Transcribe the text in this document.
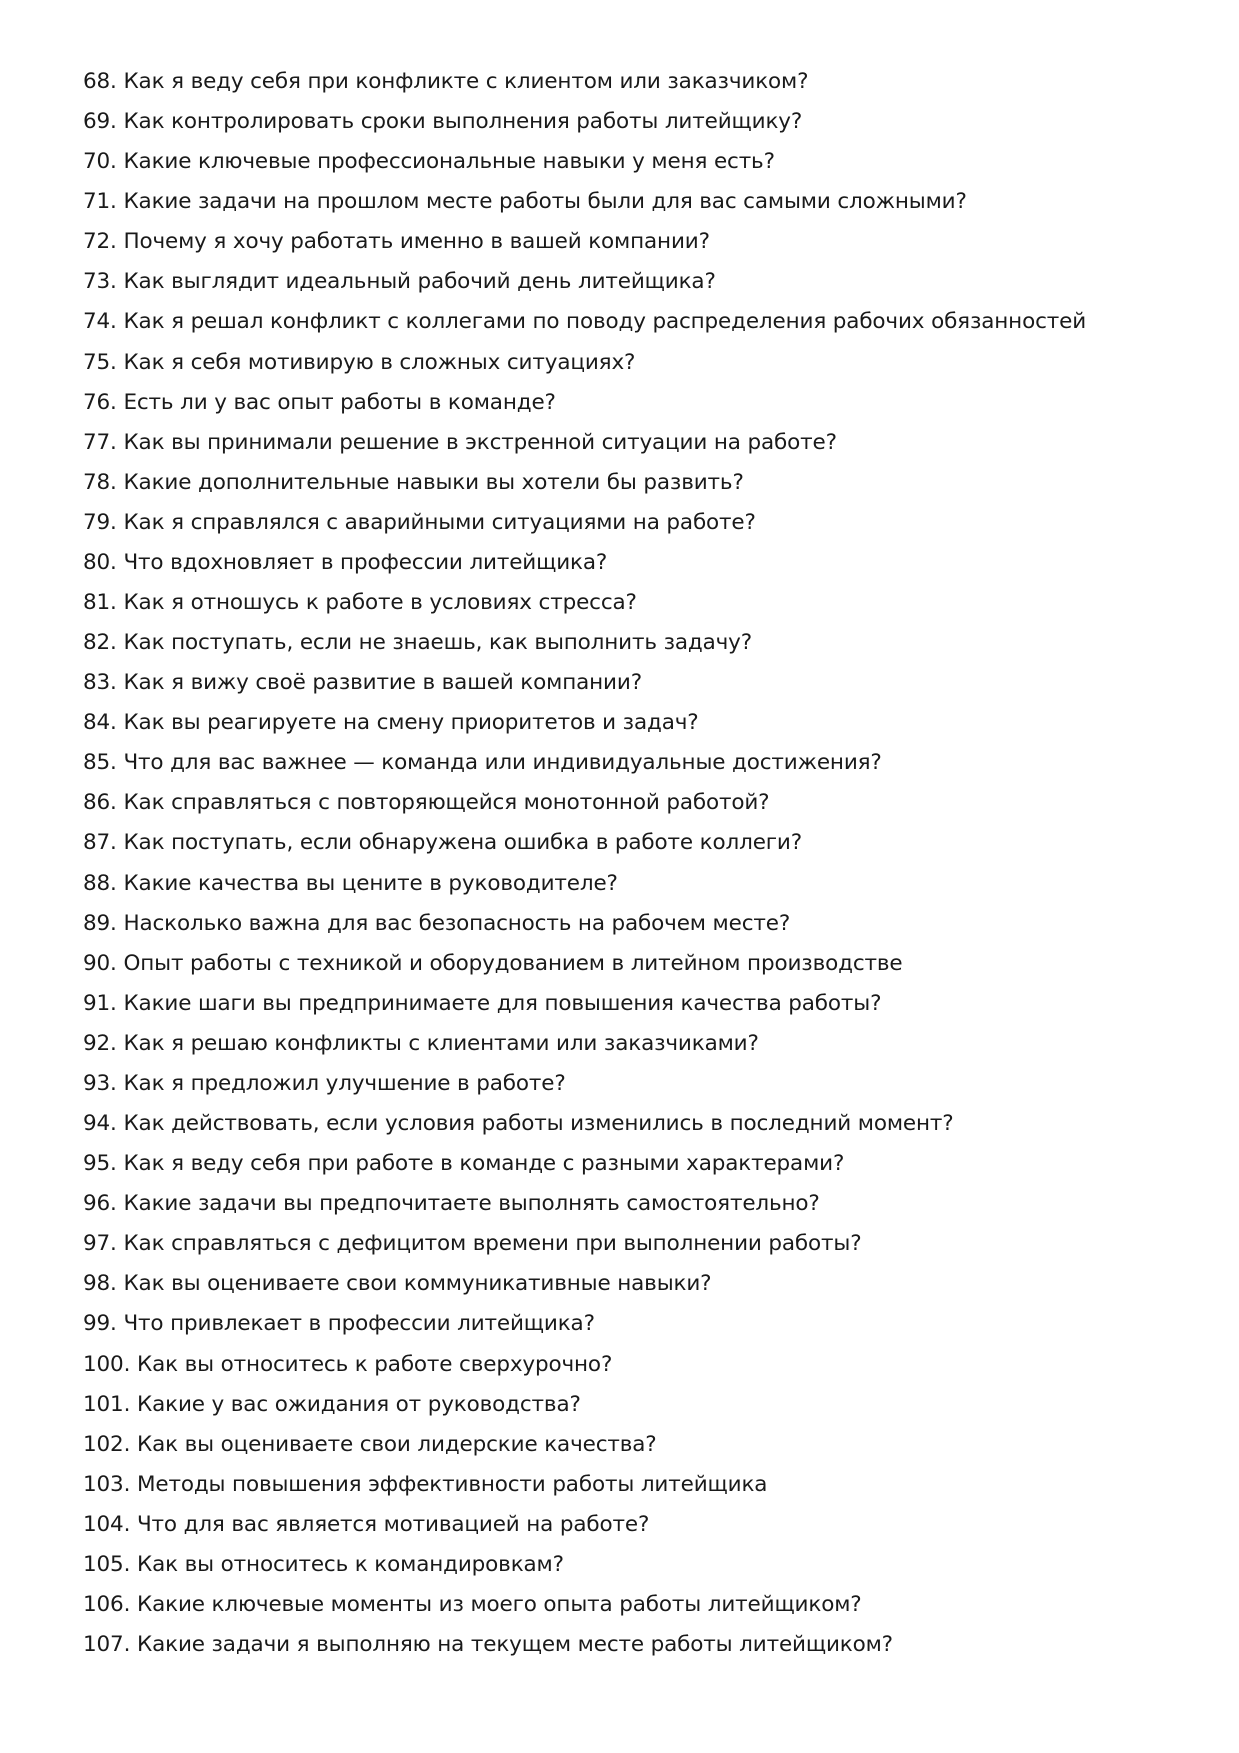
68. Как я веду себя при конфликте с клиентом или заказчиком?
69. Как контролировать сроки выполнения работы литейщику?
70. Какие ключевые профессиональные навыки у меня есть?
71. Какие задачи на прошлом месте работы были для вас самыми сложными?
72. Почему я хочу работать именно в вашей компании?
73. Как выглядит идеальный рабочий день литейщика?
74. Как я решал конфликт с коллегами по поводу распределения рабочих обязанностей
75. Как я себя мотивирую в сложных ситуациях?
76. Есть ли у вас опыт работы в команде?
77. Как вы принимали решение в экстренной ситуации на работе?
78. Какие дополнительные навыки вы хотели бы развить?
79. Как я справлялся с аварийными ситуациями на работе?
80. Что вдохновляет в профессии литейщика?
81. Как я отношусь к работе в условиях стресса?
82. Как поступать, если не знаешь, как выполнить задачу?
83. Как я вижу своё развитие в вашей компании?
84. Как вы реагируете на смену приоритетов и задач?
85. Что для вас важнее — команда или индивидуальные достижения?
86. Как справляться с повторяющейся монотонной работой?
87. Как поступать, если обнаружена ошибка в работе коллеги?
88. Какие качества вы цените в руководителе?
89. Насколько важна для вас безопасность на рабочем месте?
90. Опыт работы с техникой и оборудованием в литейном производстве
91. Какие шаги вы предпринимаете для повышения качества работы?
92. Как я решаю конфликты с клиентами или заказчиками?
93. Как я предложил улучшение в работе?
94. Как действовать, если условия работы изменились в последний момент?
95. Как я веду себя при работе в команде с разными характерами?
96. Какие задачи вы предпочитаете выполнять самостоятельно?
97. Как справляться с дефицитом времени при выполнении работы?
98. Как вы оцениваете свои коммуникативные навыки?
99. Что привлекает в профессии литейщика?
100. Как вы относитесь к работе сверхурочно?
101. Какие у вас ожидания от руководства?
102. Как вы оцениваете свои лидерские качества?
103. Методы повышения эффективности работы литейщика
104. Что для вас является мотивацией на работе?
105. Как вы относитесь к командировкам?
106. Какие ключевые моменты из моего опыта работы литейщиком?
107. Какие задачи я выполняю на текущем месте работы литейщиком?
